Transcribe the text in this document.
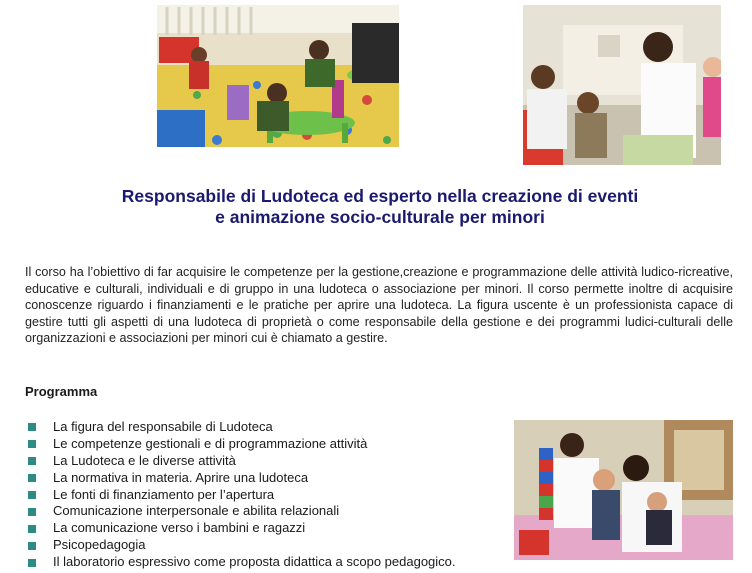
Responsabile di Ludoteca ed esperto nella creazione di eventi
e animazione socio-culturale per minori

Il corso ha l’obiettivo di far acquisire le competenze per la gestione,creazione e programmazione delle attività ludico-ricreative, educative e culturali, individuali e di gruppo in una ludoteca o associazione per minori. Il corso permette inoltre di acquisire conoscenze riguardo i finanziamenti e le pratiche per aprire una ludoteca. La figura uscente è un professionista capace di gestire tutti gli aspetti di una ludoteca di proprietà o come responsabile della gestione e dei programmi ludici-culturali delle organizzazioni e associazioni per minori cui è chiamato a gestire.

Programma
La figura del responsabile di Ludoteca
Le competenze gestionali e di programmazione attività
La Ludoteca e le diverse attività
La normativa in materia. Aprire una ludoteca
Le fonti di finanziamento per l’apertura
Comunicazione interpersonale e abilita relazionali
La comunicazione verso i bambini e ragazzi
Psicopedagogia
Il laboratorio espressivo come proposta didattica a scopo pedagogico.
